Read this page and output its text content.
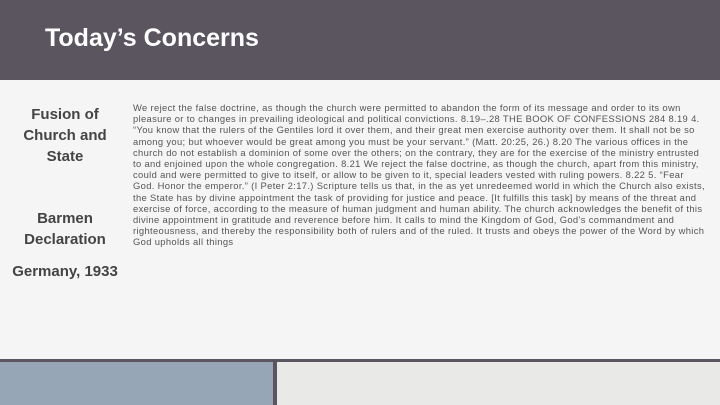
Today’s Concerns
Fusion of Church and State
Barmen Declaration
Germany, 1933
We reject the false doctrine, as though the church were permitted to abandon the form of its message and order to its own pleasure or to changes in prevailing ideological and political convictions. 8.19–.28 THE BOOK OF CONFESSIONS 284 8.19 4. “You know that the rulers of the Gentiles lord it over them, and their great men exercise authority over them. It shall not be so among you; but whoever would be great among you must be your servant.” (Matt. 20:25, 26.) 8.20 The various offices in the church do not establish a dominion of some over the others; on the contrary, they are for the exercise of the ministry entrusted to and enjoined upon the whole congregation. 8.21 We reject the false doctrine, as though the church, apart from this ministry, could and were permitted to give to itself, or allow to be given to it, special leaders vested with ruling powers. 8.22 5. “Fear God. Honor the emperor.” (I Peter 2:17.) Scripture tells us that, in the as yet unredeemed world in which the Church also exists, the State has by divine appointment the task of providing for justice and peace. [It fulfills this task] by means of the threat and exercise of force, according to the measure of human judgment and human ability. The church acknowledges the benefit of this divine appointment in gratitude and reverence before him. It calls to mind the Kingdom of God, God’s commandment and righteousness, and thereby the responsibility both of rulers and of the ruled. It trusts and obeys the power of the Word by which God upholds all things
